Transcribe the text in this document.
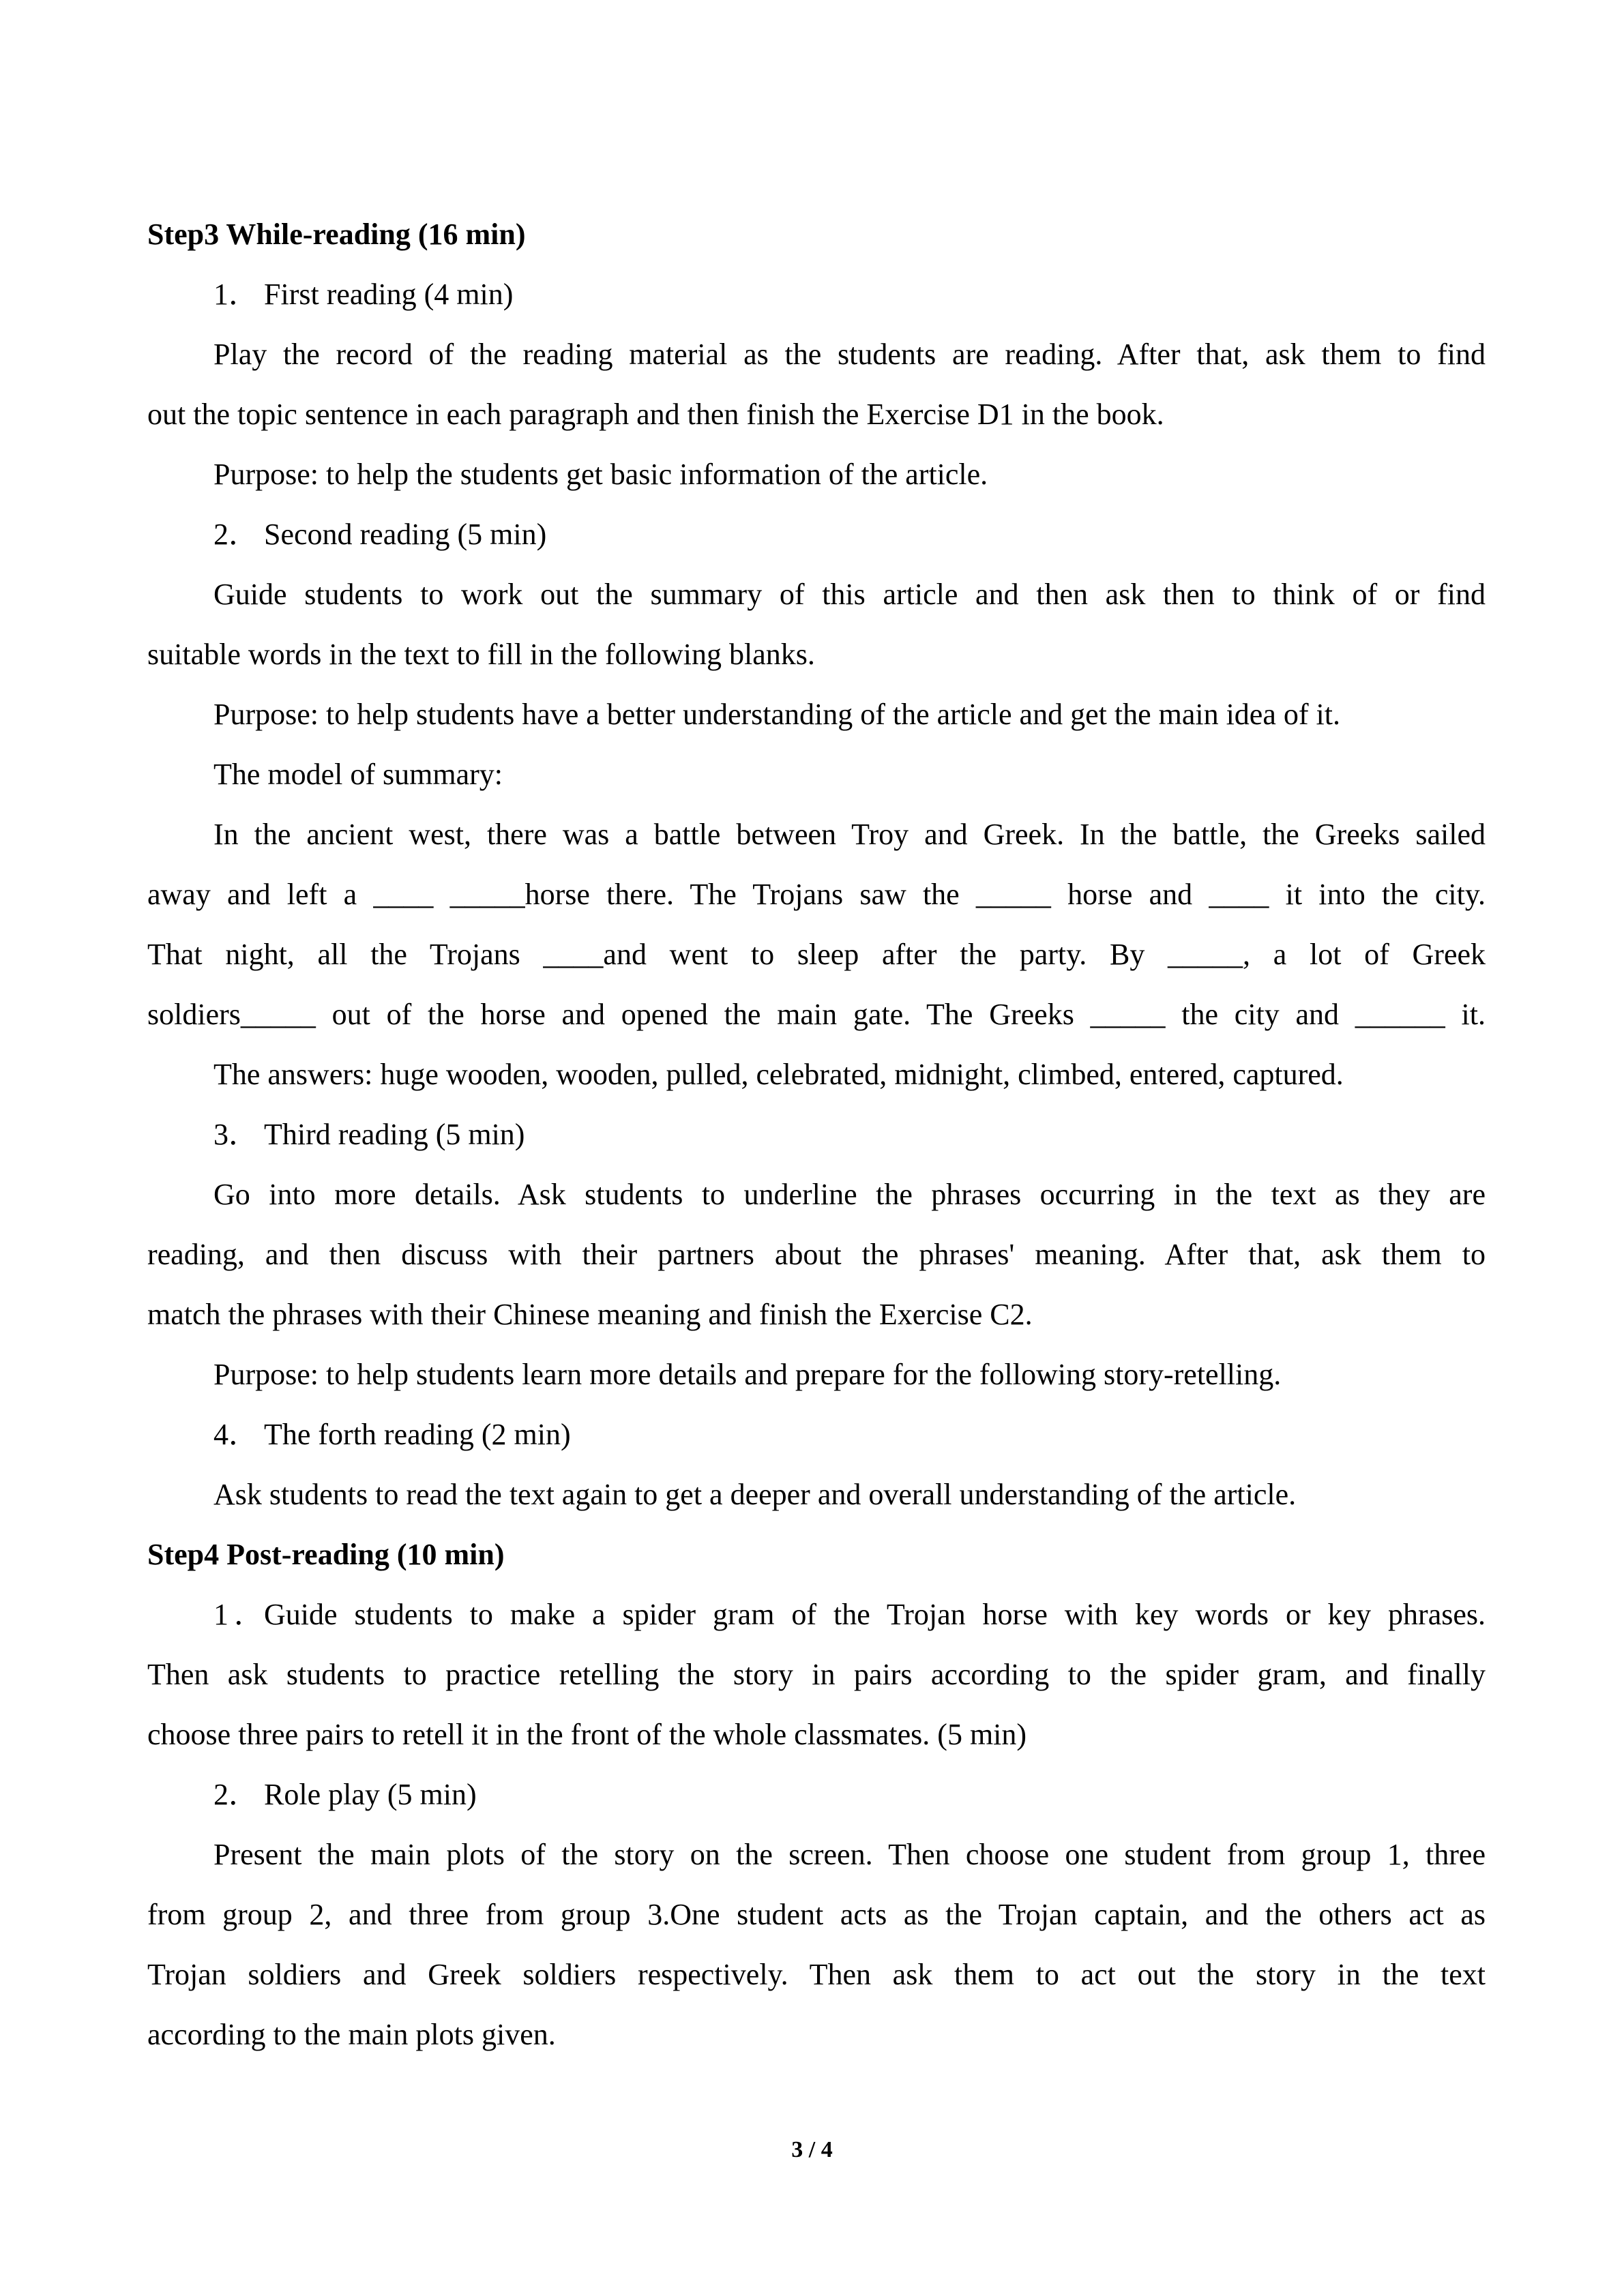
Step3 While-reading (16 min)
1． First reading (4 min)
Play the record of the reading material as the students are reading. After that, ask them to find
out the topic sentence in each paragraph and then finish the Exercise D1 in the book.
Purpose: to help the students get basic information of the article.
2． Second reading (5 min)
Guide students to work out the summary of this article and then ask then to think of or find
suitable words in the text to fill in the following blanks.
Purpose: to help students have a better understanding of the article and get the main idea of it.
The model of summary:
In the ancient west, there was a battle between Troy and Greek. In the battle, the Greeks sailed
away and left a ____ _____horse there. The Trojans saw the _____ horse and ____ it into the city.
That night, all the Trojans ____and went to sleep after the party. By _____, a lot of Greek
soldiers_____ out of the horse and opened the main gate. The Greeks _____ the city and ______ it.
The answers: huge wooden, wooden, pulled, celebrated, midnight, climbed, entered, captured.
3． Third reading (5 min)
Go into more details. Ask students to underline the phrases occurring in the text as they are
reading, and then discuss with their partners about the phrases' meaning. After that, ask them to
match the phrases with their Chinese meaning and finish the Exercise C2.
Purpose: to help students learn more details and prepare for the following story-retelling.
4． The forth reading (2 min)
Ask students to read the text again to get a deeper and overall understanding of the article.
Step4 Post-reading (10 min)
1．Guide students to make a spider gram of the Trojan horse with key words or key phrases.
Then ask students to practice retelling the story in pairs according to the spider gram, and finally
choose three pairs to retell it in the front of the whole classmates. (5 min)
2． Role play (5 min)
Present the main plots of the story on the screen. Then choose one student from group 1, three
from group 2, and three from group 3.One student acts as the Trojan captain, and the others act as
Trojan soldiers and Greek soldiers respectively. Then ask them to act out the story in the text
according to the main plots given.
3 / 4
